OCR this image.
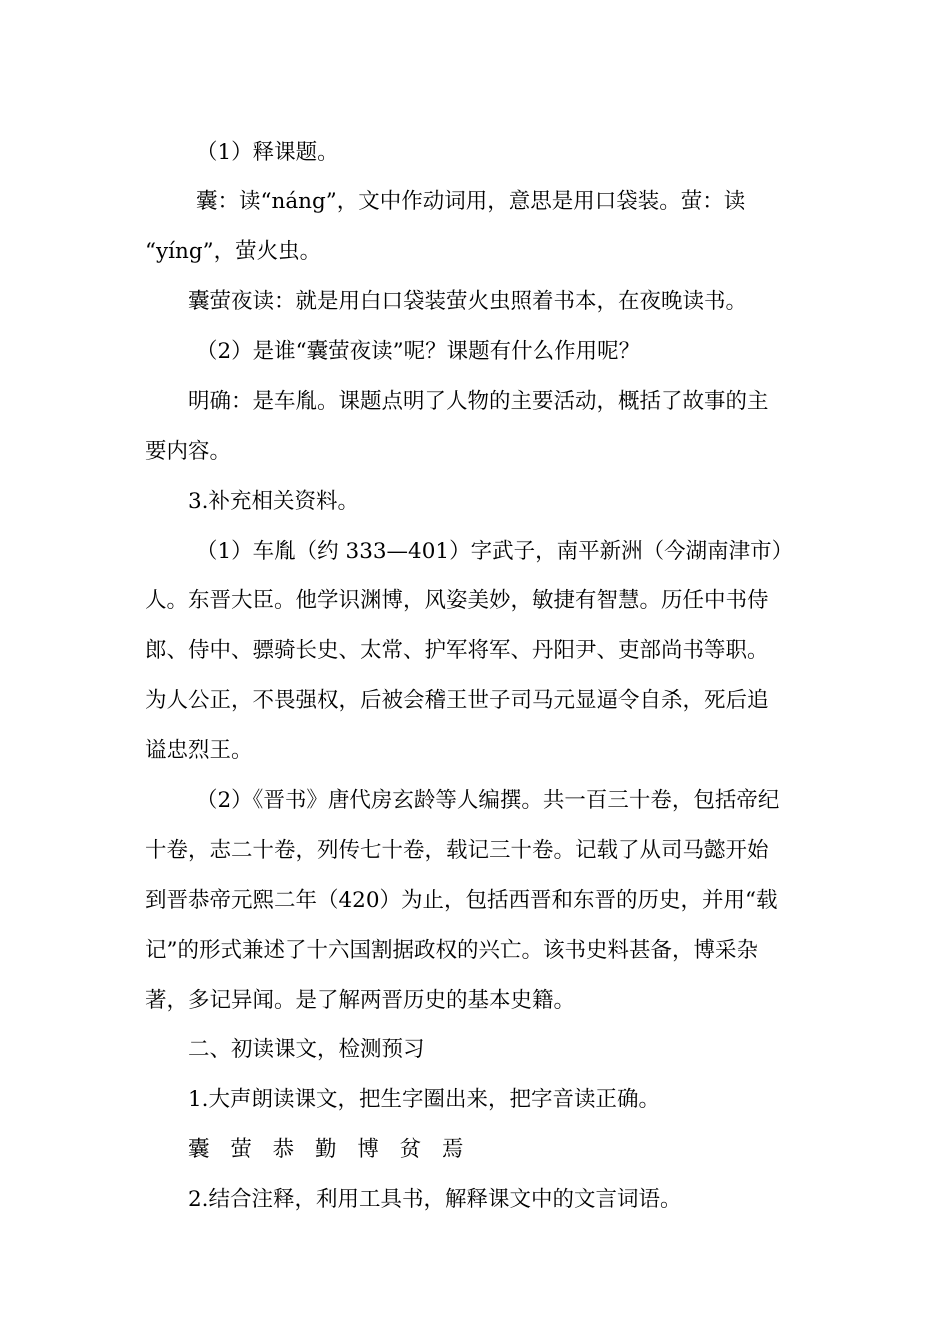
（1）释课题。
囊：读“náng”，文中作动词用，意思是用口袋装。萤：读
“yíng”，萤火虫。
囊萤夜读：就是用白口袋装萤火虫照着书本，在夜晚读书。
（2）是谁“囊萤夜读”呢？课题有什么作用呢？
明确：是车胤。课题点明了人物的主要活动，概括了故事的主
要内容。
3.补充相关资料。
（1）车胤（约 333—401）字武子，南平新洲（今湖南津市）
人。东晋大臣。他学识渊博，风姿美妙，敏捷有智慧。历任中书侍
郎、侍中、骠骑长史、太常、护军将军、丹阳尹、吏部尚书等职。
为人公正，不畏强权，后被会稽王世子司马元显逼令自杀，死后追
谥忠烈王。
（2）《晋书》唐代房玄龄等人编撰。共一百三十卷，包括帝纪
十卷，志二十卷，列传七十卷，载记三十卷。记载了从司马懿开始
到晋恭帝元熙二年（420）为止，包括西晋和东晋的历史，并用“载
记”的形式兼述了十六国割据政权的兴亡。该书史料甚备，博采杂
著，多记异闻。是了解两晋历史的基本史籍。
二、初读课文，检测预习
1.大声朗读课文，把生字圈出来，把字音读正确。
囊 萤 恭 勤 博 贫 焉
2.结合注释，利用工具书，解释课文中的文言词语。
